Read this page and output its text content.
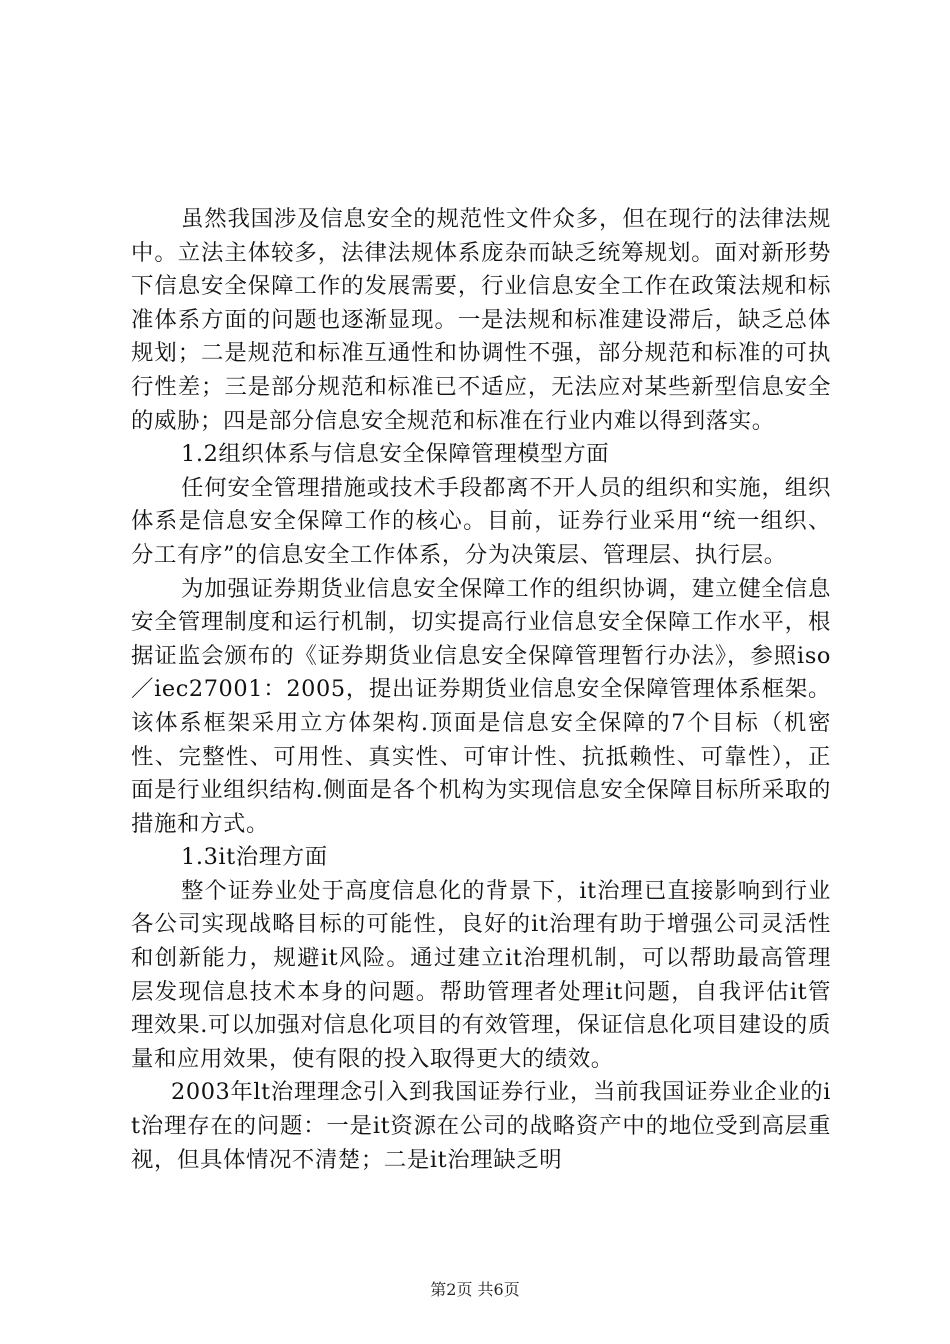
虽然我国涉及信息安全的规范性文件众多，但在现行的法律法规中。立法主体较多，法律法规体系庞杂而缺乏统筹规划。面对新形势下信息安全保障工作的发展需要，行业信息安全工作在政策法规和标准体系方面的问题也逐渐显现。一是法规和标准建设滞后，缺乏总体规划；二是规范和标准互通性和协调性不强，部分规范和标准的可执行性差；三是部分规范和标准已不适应，无法应对某些新型信息安全的威胁；四是部分信息安全规范和标准在行业内难以得到落实。

1.2组织体系与信息安全保障管理模型方面

任何安全管理措施或技术手段都离不开人员的组织和实施，组织体系是信息安全保障工作的核心。目前，证券行业采用“统一组织、分工有序”的信息安全工作体系，分为决策层、管理层、执行层。

为加强证券期货业信息安全保障工作的组织协调，建立健全信息安全管理制度和运行机制，切实提高行业信息安全保障工作水平，根据证监会颁布的《证券期货业信息安全保障管理暂行办法》，参照iso／iec27001：2005，提出证券期货业信息安全保障管理体系框架。该体系框架采用立方体架构.顶面是信息安全保障的7个目标（机密性、完整性、可用性、真实性、可审计性、抗抵赖性、可靠性），正面是行业组织结构.侧面是各个机构为实现信息安全保障目标所采取的措施和方式。

1.3it治理方面

整个证券业处于高度信息化的背景下，it治理已直接影响到行业各公司实现战略目标的可能性，良好的it治理有助于增强公司灵活性和创新能力，规避it风险。通过建立it治理机制，可以帮助最高管理层发现信息技术本身的问题。帮助管理者处理it问题，自我评估it管理效果.可以加强对信息化项目的有效管理，保证信息化项目建设的质量和应用效果，使有限的投入取得更大的绩效。

2003年lt治理理念引入到我国证券行业，当前我国证券业企业的it治理存在的问题：一是it资源在公司的战略资产中的地位受到高层重视，但具体情况不清楚；二是it治理缺乏明

第2页 共6页
